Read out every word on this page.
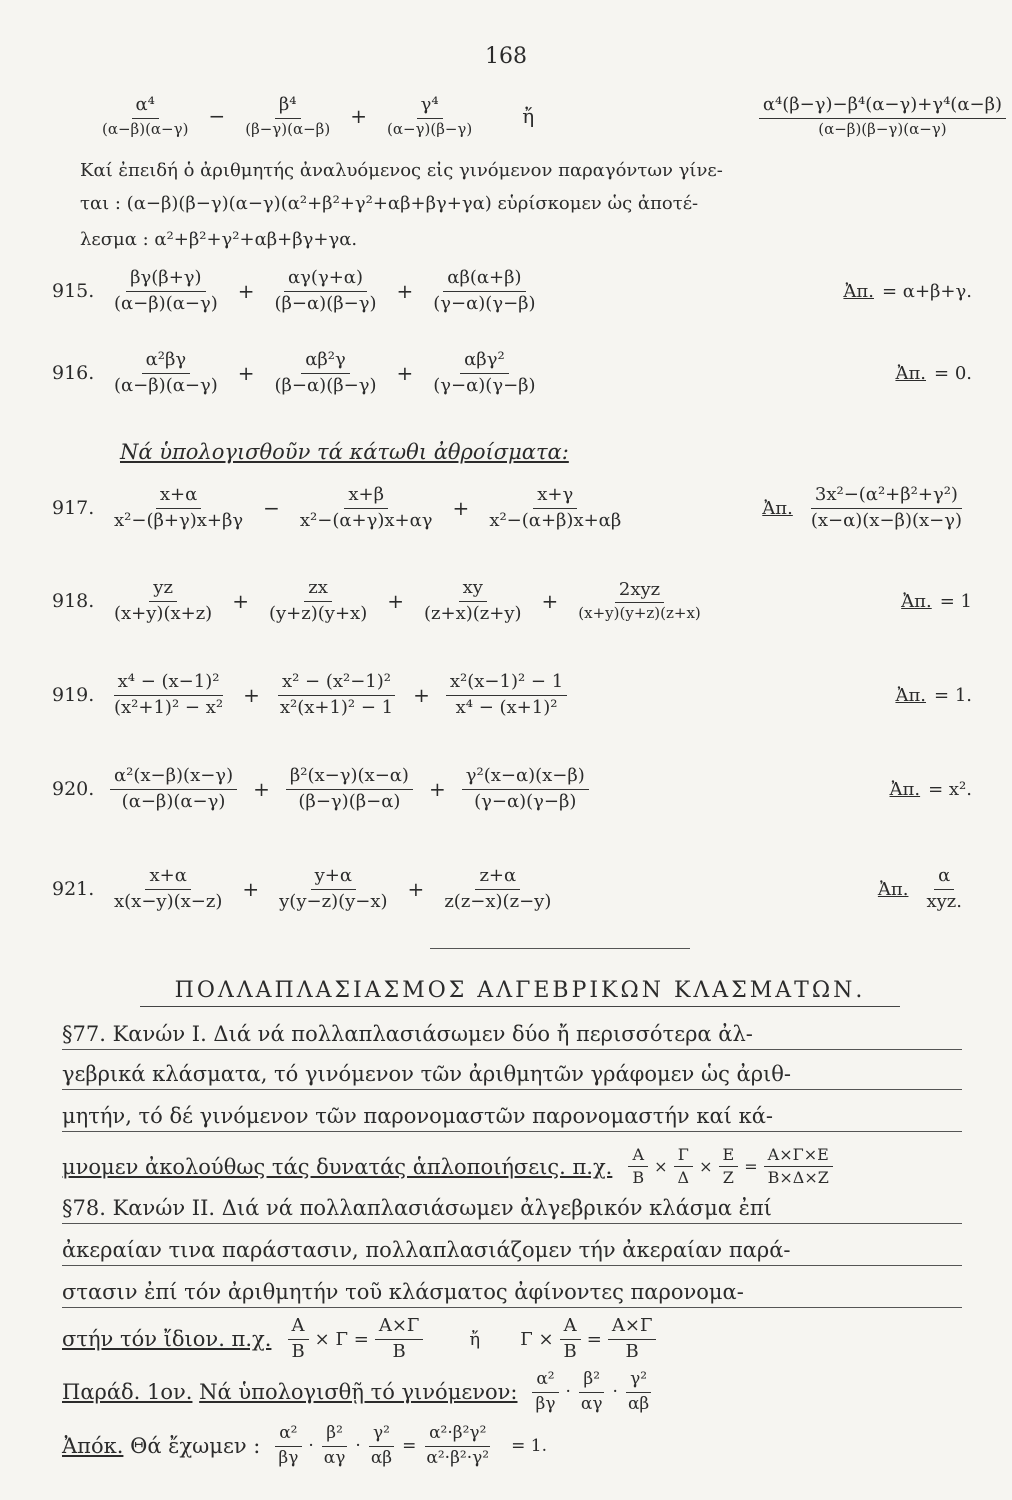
168
$\frac{\text{α⁴}}{(\alpha-\beta)(\alpha-\gamma)} - \frac{\text{β⁴}}{(\beta-\gamma)(\alpha-\beta)} + \frac{\text{γ⁴}}{(\alpha-\gamma)(\beta-\gamma)}$ ἤ	$\frac{\text{α⁴(β−γ)−β⁴(α−γ)+γ⁴(α−β)}}{(\alpha-\beta)(\beta-\gamma)(\alpha-\gamma)}$
Καί ἐπειδή ὁ ἀριθμητής ἀναλυόμενος εἰς γινόμενον παραγόντων γίνε-
ται : (α−β)(β−γ)(α−γ)(α²+β²+γ²+αβ+βγ+γα) εὑρίσκομεν ὡς ἀποτέ-
λεσμα : α²+β²+γ²+αβ+βγ+γα.
915. $\frac{\beta\gamma(\beta+\gamma)}{(\alpha-\beta)(\alpha-\gamma)} + \frac{\alpha\gamma(\gamma+\alpha)}{(\beta-\alpha)(\beta-\gamma)} + \frac{\alpha\beta(\alpha+\beta)}{(\gamma-\alpha)(\gamma-\beta)}$	Ἀπ. = α+β+γ.
916. $\frac{\text{α²βγ}}{(\alpha-\beta)(\alpha-\gamma)} + \frac{\text{αβ²γ}}{(\beta-\alpha)(\beta-\gamma)} + \frac{\text{αβγ²}}{(\gamma-\alpha)(\gamma-\beta)}$	Ἀπ. = 0.
Νά ὑπολογισθοῦν τά κάτωθι ἀθροίσματα:
917. $\frac{x+\alpha}{\text{x²−(β+γ)x+βγ}} - \frac{x+\beta}{\text{x²−(α+γ)x+αγ}} + \frac{x+\gamma}{\text{x²−(α+β)x+αβ}}$	Ἀπ. $\frac{\text{3x²−(α²+β²+γ²)}}{(x-\alpha)(x-\beta)(x-\gamma)}$
918. $\frac{yz}{(x+y)(x+z)} + \frac{zx}{(y+z)(y+x)} + \frac{xy}{(z+x)(z+y)} + \frac{\text{2xyz}}{(x+y)(y+z)(z+x)}$	Ἀπ. = 1
919. $\frac{\text{x⁴ − (x−1)²}}{\text{(x²+1)² − x²}} + \frac{\text{x² − (x²−1)²}}{\text{x²(x+1)² − 1}} + \frac{\text{x²(x−1)² − 1}}{\text{x⁴ − (x+1)²}}$	Ἀπ. = 1.
920. $\frac{\text{α²(x−β)(x−γ)}}{(\alpha-\beta)(\alpha-\gamma)} + \frac{\text{β²(x−γ)(x−α)}}{(\beta-\gamma)(\beta-\alpha)} + \frac{\text{γ²(x−α)(x−β)}}{(\gamma-\alpha)(\gamma-\beta)}$	Ἀπ. = x².
921. $\frac{x+\alpha}{x(x-y)(x-z)} + \frac{y+\alpha}{y(y-z)(y-x)} + \frac{z+\alpha}{z(z-x)(z-y)}$	Ἀπ. $\frac{\alpha}{\text{xyz.}}$
ΠΟΛΛΑΠΛΑΣΙΑΣΜΟΣ ΑΛΓΕΒΡΙΚΩΝ ΚΛΑΣΜΑΤΩΝ.
§77. Κανών Ι. Διά νά πολλαπλασιάσωμεν δύο ἤ περισσότερα ἀλ-
γεβρικά κλάσματα, τό γινόμενον τῶν ἀριθμητῶν γράφομεν ὡς ἀριθ-
μητήν, τό δέ γινόμενον τῶν παρονομαστῶν παρονομαστήν καί κά-
μνομεν ἀκολούθως τάς δυνατάς ἁπλοποιήσεις. π.χ. $\frac{A}{B} \times \frac{\Gamma}{\Delta} \times \frac{E}{Z} = \frac{A\times\Gamma\times E}{B\times\Delta\times Z}$
§78. Κανών ΙΙ. Διά νά πολλαπλασιάσωμεν ἀλγεβρικόν κλάσμα ἐπί
ἀκεραίαν τινα παράστασιν, πολλαπλασιάζομεν τήν ἀκεραίαν παρά-
στασιν ἐπί τόν ἀριθμητήν τοῦ κλάσματος ἀφίνοντες παρονομα-
στήν τόν ἴδιον. π.χ. $\frac{A}{B}$ ×
Γ
= $\frac{A\times\Gamma}{B}$	ἤ Γ
× $\frac{A}{B} = \frac{A\times\Gamma}{B}$
Παράδ. 1ον.
Νά ὑπολογισθῇ τό γινόμενον: $\frac{\text{α²}}{\beta\gamma} \cdot \frac{\text{β²}}{\alpha\gamma} \cdot \frac{\text{γ²}}{\alpha\beta}$
Ἀπόκ.
Θά ἔχωμεν : $\frac{\text{α²}}{\beta\gamma} \cdot \frac{\text{β²}}{\alpha\gamma} \cdot \frac{\text{γ²}}{\alpha\beta} = \frac{\text{α²·β²γ²}}{\text{α²·β²·γ²}} = 1$.
